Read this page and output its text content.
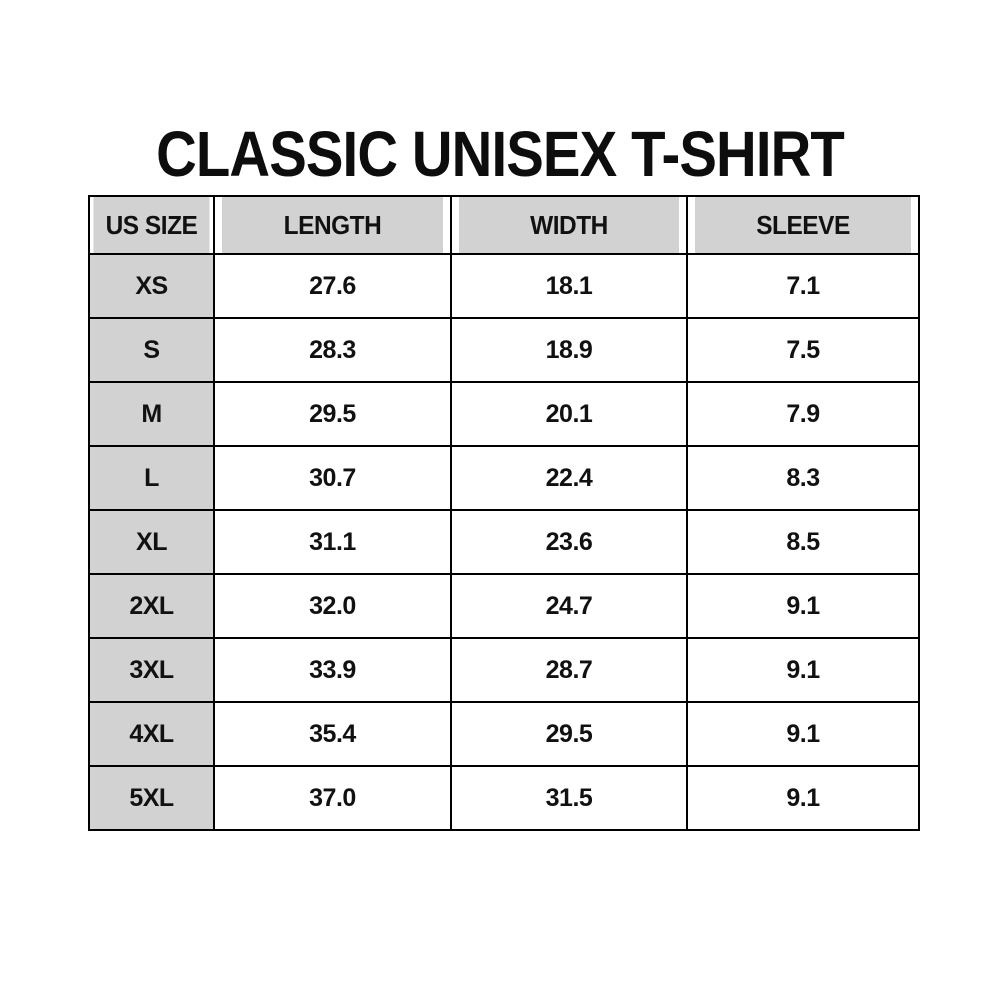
CLASSIC UNISEX T-SHIRT
US SIZE	LENGTH	WIDTH	SLEEVE
XS	27.6	18.1	7.1
S	28.3	18.9	7.5
M	29.5	20.1	7.9
L	30.7	22.4	8.3
XL	31.1	23.6	8.5
2XL	32.0	24.7	9.1
3XL	33.9	28.7	9.1
4XL	35.4	29.5	9.1
5XL	37.0	31.5	9.1
